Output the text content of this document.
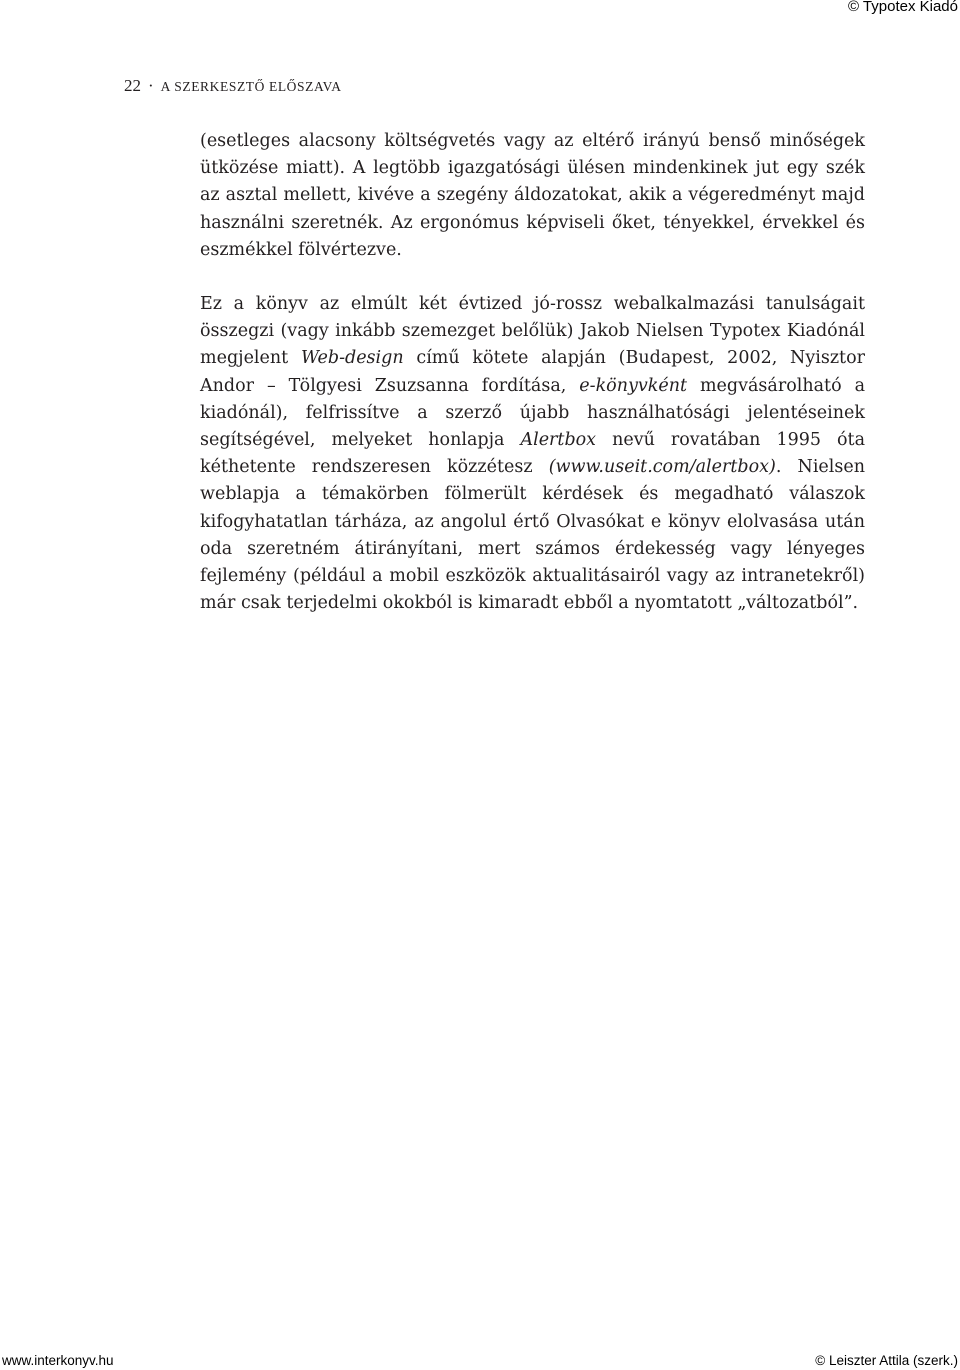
© Typotex Kiadó
22 · A SZERKESZTŐ ELŐSZAVA

(esetleges alacsony költségvetés vagy az eltérő irányú benső minőségek ütközése miatt). A legtöbb igazgatósági ülésen mindenkinek jut egy szék az asztal mellett, kivéve a szegény áldozatokat, akik a végeredményt majd használni szeretnék. Az ergonómus képviseli őket, tényekkel, érvekkel és eszmékkel fölvértezve.

Ez a könyv az elmúlt két évtized jó-rossz webalkalmazási tanulságait összegzi (vagy inkább szemezget belőlük) Jakob Nielsen Typotex Kiadónál megjelent Web-design című kötete alapján (Budapest, 2002, Nyisztor Andor – Tölgyesi Zsuzsanna fordítása, e-könyvként megvásárolható a kiadónál), felfrissítve a szerző újabb használhatósági jelentéseinek segítségével, melyeket honlapja Alertbox nevű rovatában 1995 óta kéthetente rendszeresen közzétesz (www.useit.com/alertbox). Nielsen weblapja a témakörben fölmerült kérdések és megadható válaszok kifogyhatatlan tárháza, az angolul értő Olvasókat e könyv elolvasása után oda szeretném átirányítani, mert számos érdekesség vagy lényeges fejlemény (például a mobil eszközök aktualitásairól vagy az intranetekről) már csak terjedelmi okokból is kimaradt ebből a nyomtatott „változatból”.

www.interkonyv.hu	© Leiszter Attila (szerk.)
